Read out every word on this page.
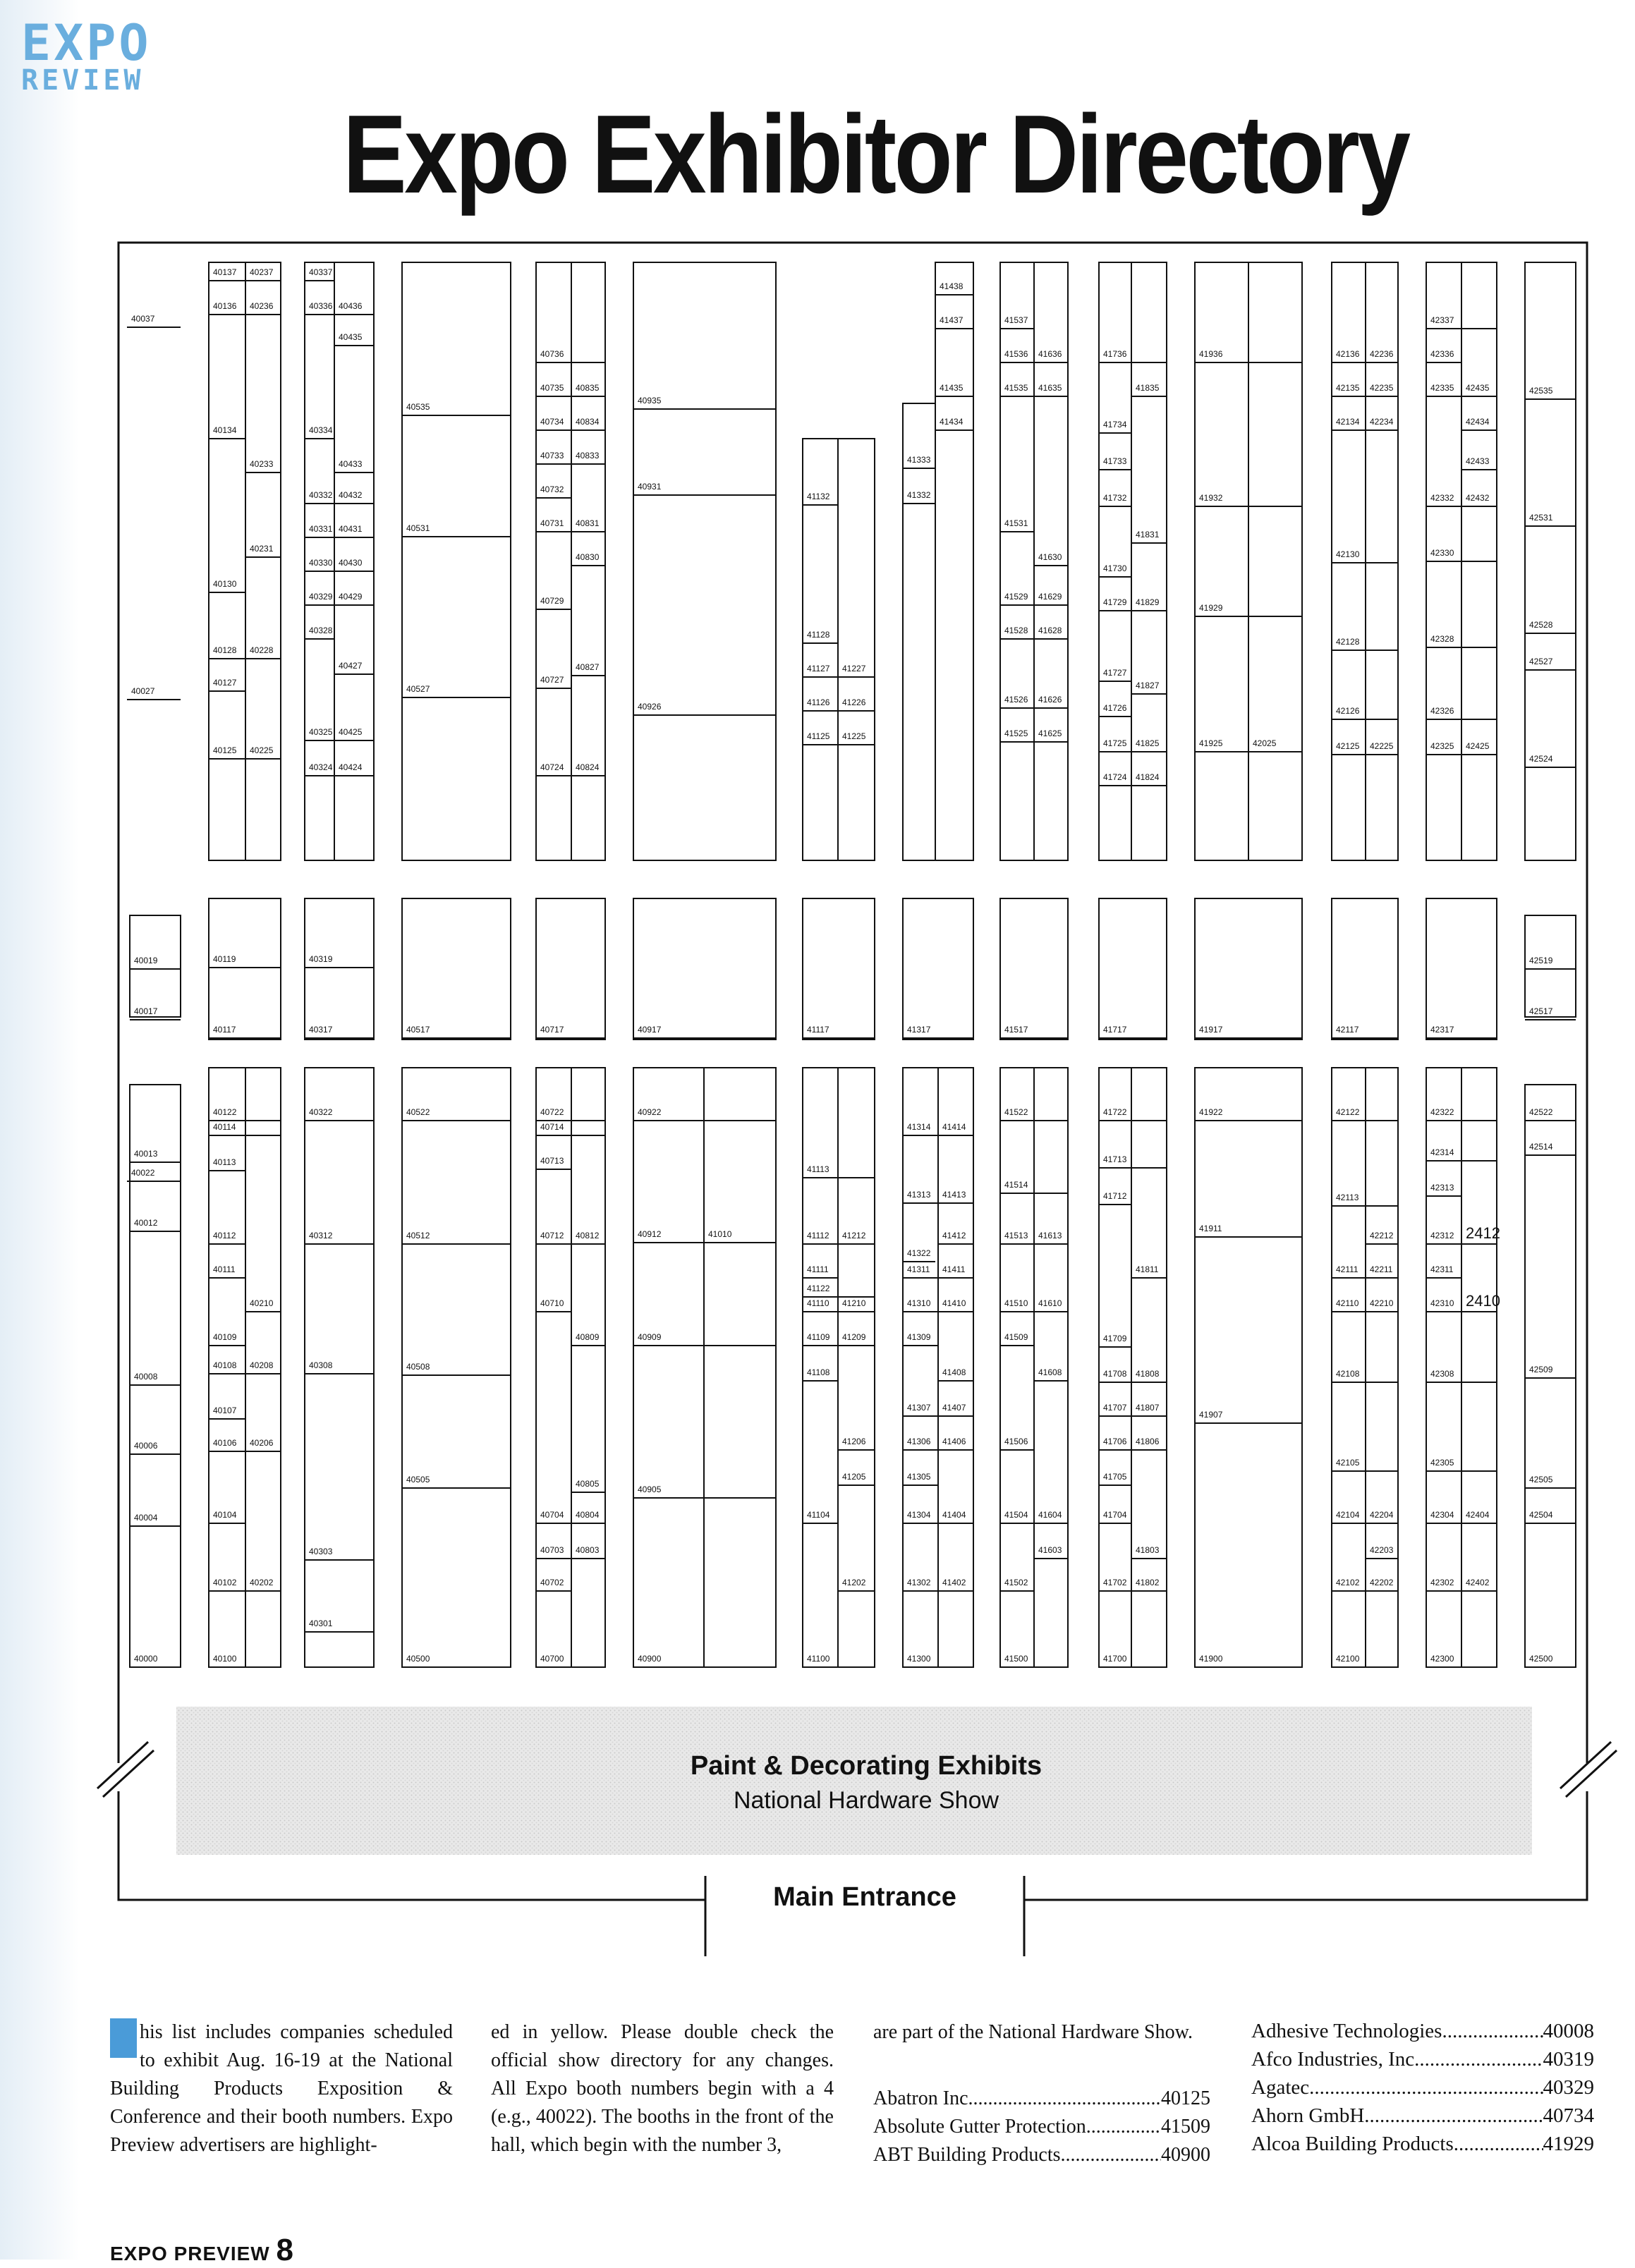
EXPO
REVIEW
Expo Exhibitor Directory
Paint & Decorating Exhibits
National Hardware Show
Main Entrance
40037
40027
40022
40137 40237
40136 40236
40134
40233
40231
40130
40128 40228
40127
40125 40225
40122
40337
40336 40436
40435
40334
40433
40332 40432
40331 40431
40330 40430
40329 40429
40328
40427
40325 40425
40324 40424
40322
40535
40531
40527
40522
40736
40735 40835
40734 40834
40733 40833
40732
40731 40831
40830
40729
40727
40827
40724 40824
40722
40935
40931
40926
40922
41132
41128
41127 41227
41126 41226
41125 41225
41122
41438
41437
41435
41434
41333
41332
41322
41537
41536 41636
41535 41635
41531
41630
41529 41629
41528 41628
41526 41626
41525 41625
41522
41736
41835
41734
41733
41732
41831
41730
41729 41829
41727
41827
41726
41725 41825
41724 41824
41722
41936
41932
41929
41925	42025
41922
42136 42236
42135 42235
42134 42234
42130
42128
42126
42125 42225
42122
42337
42336
42335 42435
42434
42433
42332 42432
42330
42328
42326
42325 42425
42322
42535
42531
42528
42527
42524
42522
40019
40017
40119
40117
40319
40317	40517	40717	40917	41117	41317	41517	41717	41917	42117	42317
42519
42517
40013
40012
40008
40006
40004
40000
40114
40113
40112
40111
40210
40109
40108 40208
40107
40106 40206
40104
40102 40202
40100
40312
40308
40303
40301
40512
40508
40505
40500
40714
40713
40712 40812
40710
40809
40805
40704 40804
40703 40803
40702
40700
40912	41010
40909
40905
40900
41113
41112 41212
41111
41110 41210
41109 41209
41108
41206
41205
41104
41202
41100
41314 41414
41313 41413
41412
41311 41411
41310 41410
41309
41408
41307 41407
41306 41406
41305
41304 41404
41302 41402
41300
41514
41513 41613
41510 41610
41509
41608
41506
41504 41604
41603
41502
41500
41713
41712
41811
41709
41708 41808
41707 41807
41706 41806
41705
41704
41803
41702 41802
41700
41911
41907
41900
42113
42212
42111 42211
42110 42210
42108
42105
42104 42204
42203
42102 42202
42100
42314
42313
42312 2412
42311
42310 2410
42308
42305
42304 42404
42302 42402
42300
42514
42509
42505
42504
42500
his list includes companies scheduled to exhibit Aug. 16-19 at the National Building Products Exposition & Conference and their booth numbers. Expo Preview advertisers are highlight-
ed in yellow. Please double check the official show directory for any changes. All Expo booth numbers begin with a 4 (e.g., 40022). The booths in the front of the hall, which begin with the number 3,
are part of the National Hardware Show.
Abatron Inc. .....	40125
Absolute Gutter Protection .....	41509
ABT Building Products .....	40900
Adhesive Technologies .....	40008
Afco Industries, Inc. .....	40319
Agatec .....	40329
Ahorn GmbH .....	40734
Alcoa Building Products .....	41929
EXPO PREVIEW 8
